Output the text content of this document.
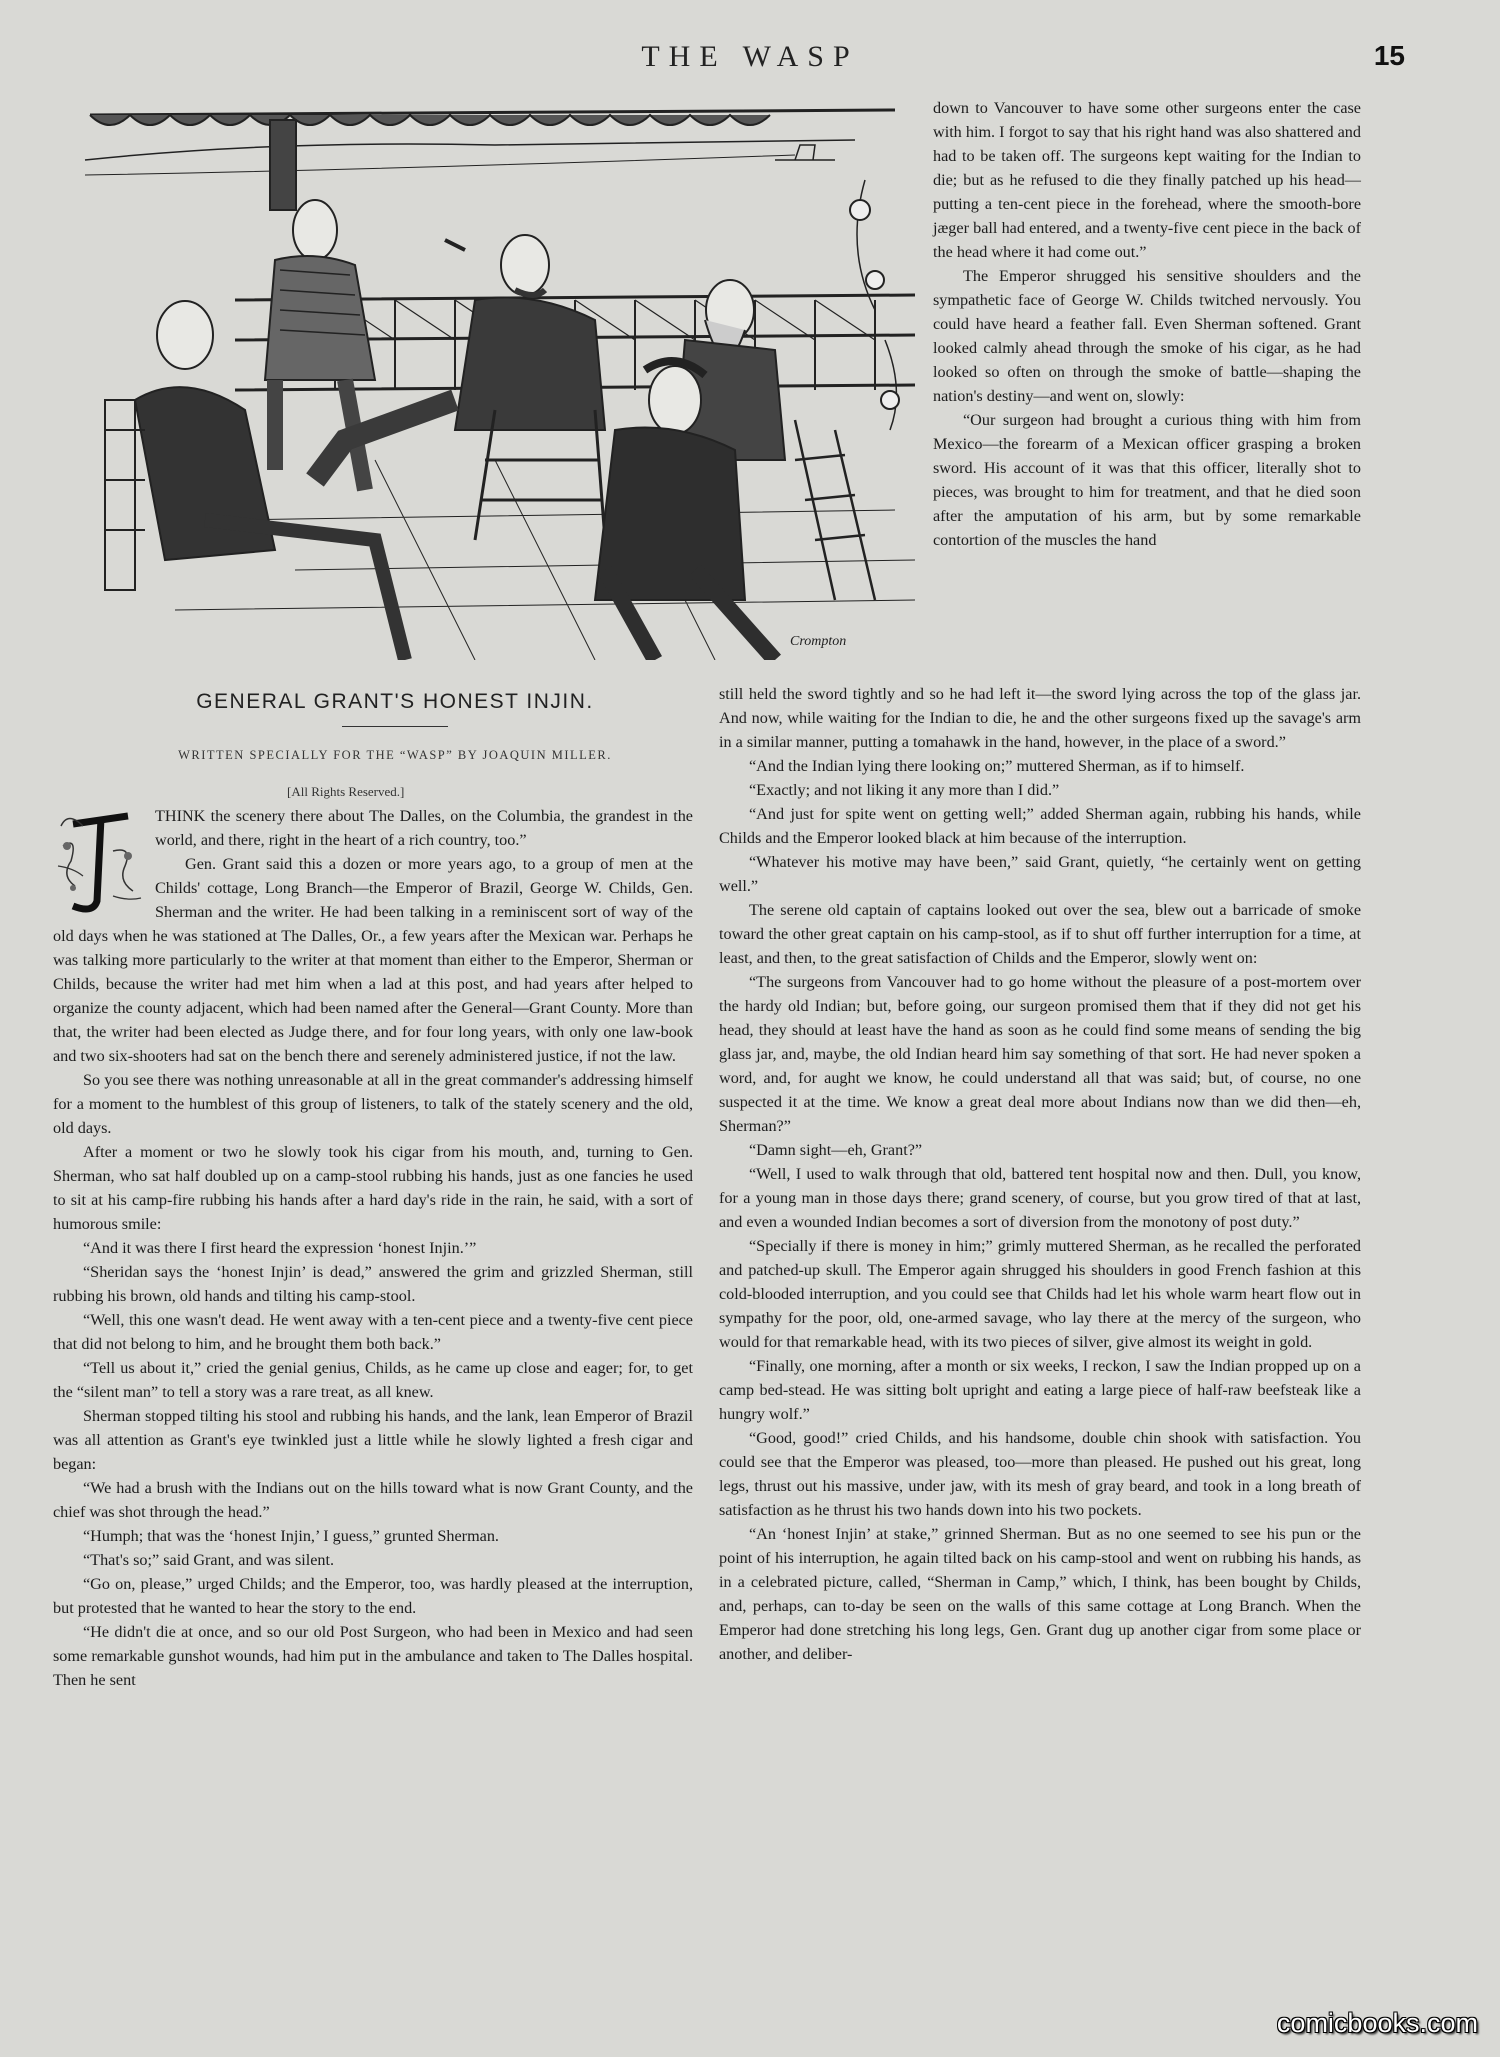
THE WASP	15
Crompton
GENERAL GRANT'S HONEST INJIN.
WRITTEN SPECIALLY FOR THE “WASP” BY JOAQUIN MILLER.
[All Rights Reserved.]

THINK the scenery there about The Dalles, on the Columbia, the grandest in the world, and there, right in the heart of a rich country, too.”

Gen. Grant said this a dozen or more years ago, to a group of men at the Childs' cottage, Long Branch—the Emperor of Brazil, George W. Childs, Gen. Sherman and the writer. He had been talking in a reminiscent sort of way of the old days when he was stationed at The Dalles, Or., a few years after the Mexican war. Perhaps he was talking more particularly to the writer at that moment than either to the Emperor, Sherman or Childs, because the writer had met him when a lad at this post, and had years after helped to organize the county adjacent, which had been named after the General—Grant County. More than that, the writer had been elected as Judge there, and for four long years, with only one law-book and two six-shooters had sat on the bench there and serenely administered justice, if not the law.

So you see there was nothing unreasonable at all in the great commander's addressing himself for a moment to the humblest of this group of listeners, to talk of the stately scenery and the old, old days.

After a moment or two he slowly took his cigar from his mouth, and, turning to Gen. Sherman, who sat half doubled up on a camp-stool rubbing his hands, just as one fancies he used to sit at his camp-fire rubbing his hands after a hard day's ride in the rain, he said, with a sort of humorous smile:

“And it was there I first heard the expression ‘honest Injin.’”

“Sheridan says the ‘honest Injin’ is dead,” answered the grim and grizzled Sherman, still rubbing his brown, old hands and tilting his camp-stool.

“Well, this one wasn't dead. He went away with a ten-cent piece and a twenty-five cent piece that did not belong to him, and he brought them both back.”

“Tell us about it,” cried the genial genius, Childs, as he came up close and eager; for, to get the “silent man” to tell a story was a rare treat, as all knew.

Sherman stopped tilting his stool and rubbing his hands, and the lank, lean Emperor of Brazil was all attention as Grant's eye twinkled just a little while he slowly lighted a fresh cigar and began:

“We had a brush with the Indians out on the hills toward what is now Grant County, and the chief was shot through the head.”

“Humph; that was the ‘honest Injin,’ I guess,” grunted Sherman.

“That's so;” said Grant, and was silent.

“Go on, please,” urged Childs; and the Emperor, too, was hardly pleased at the interruption, but protested that he wanted to hear the story to the end.

“He didn't die at once, and so our old Post Surgeon, who had been in Mexico and had seen some remarkable gunshot wounds, had him put in the ambulance and taken to The Dalles hospital. Then he sent

down to Vancouver to have some other surgeons enter the case with him. I forgot to say that his right hand was also shattered and had to be taken off. The surgeons kept waiting for the Indian to die; but as he refused to die they finally patched up his head—putting a ten-cent piece in the forehead, where the smooth-bore jæger ball had entered, and a twenty-five cent piece in the back of the head where it had come out.”

The Emperor shrugged his sensitive shoulders and the sympathetic face of George W. Childs twitched nervously. You could have heard a feather fall. Even Sherman softened. Grant looked calmly ahead through the smoke of his cigar, as he had looked so often on through the smoke of battle—shaping the nation's destiny—and went on, slowly:

“Our surgeon had brought a curious thing with him from Mexico—the forearm of a Mexican officer grasping a broken sword. His account of it was that this officer, literally shot to pieces, was brought to him for treatment, and that he died soon after the amputation of his arm, but by some remarkable contortion of the muscles the hand

still held the sword tightly and so he had left it—the sword lying across the top of the glass jar. And now, while waiting for the Indian to die, he and the other surgeons fixed up the savage's arm in a similar manner, putting a tomahawk in the hand, however, in the place of a sword.”

“And the Indian lying there looking on;” muttered Sherman, as if to himself.

“Exactly; and not liking it any more than I did.”

“And just for spite went on getting well;” added Sherman again, rubbing his hands, while Childs and the Emperor looked black at him because of the interruption.

“Whatever his motive may have been,” said Grant, quietly, “he certainly went on getting well.”

The serene old captain of captains looked out over the sea, blew out a barricade of smoke toward the other great captain on his camp-stool, as if to shut off further interruption for a time, at least, and then, to the great satisfaction of Childs and the Emperor, slowly went on:

“The surgeons from Vancouver had to go home without the pleasure of a post-mortem over the hardy old Indian; but, before going, our surgeon promised them that if they did not get his head, they should at least have the hand as soon as he could find some means of sending the big glass jar, and, maybe, the old Indian heard him say something of that sort. He had never spoken a word, and, for aught we know, he could understand all that was said; but, of course, no one suspected it at the time. We know a great deal more about Indians now than we did then—eh, Sherman?”

“Damn sight—eh, Grant?”

“Well, I used to walk through that old, battered tent hospital now and then. Dull, you know, for a young man in those days there; grand scenery, of course, but you grow tired of that at last, and even a wounded Indian becomes a sort of diversion from the monotony of post duty.”

“Specially if there is money in him;” grimly muttered Sherman, as he recalled the perforated and patched-up skull. The Emperor again shrugged his shoulders in good French fashion at this cold-blooded interruption, and you could see that Childs had let his whole warm heart flow out in sympathy for the poor, old, one-armed savage, who lay there at the mercy of the surgeon, who would for that remarkable head, with its two pieces of silver, give almost its weight in gold.

“Finally, one morning, after a month or six weeks, I reckon, I saw the Indian propped up on a camp bed-stead. He was sitting bolt upright and eating a large piece of half-raw beefsteak like a hungry wolf.”

“Good, good!” cried Childs, and his handsome, double chin shook with satisfaction. You could see that the Emperor was pleased, too—more than pleased. He pushed out his great, long legs, thrust out his massive, under jaw, with its mesh of gray beard, and took in a long breath of satisfaction as he thrust his two hands down into his two pockets.

“An ‘honest Injin’ at stake,” grinned Sherman. But as no one seemed to see his pun or the point of his interruption, he again tilted back on his camp-stool and went on rubbing his hands, as in a celebrated picture, called, “Sherman in Camp,” which, I think, has been bought by Childs, and, perhaps, can to-day be seen on the walls of this same cottage at Long Branch. When the Emperor had done stretching his long legs, Gen. Grant dug up another cigar from some place or another, and deliber-

comicbooks.com
